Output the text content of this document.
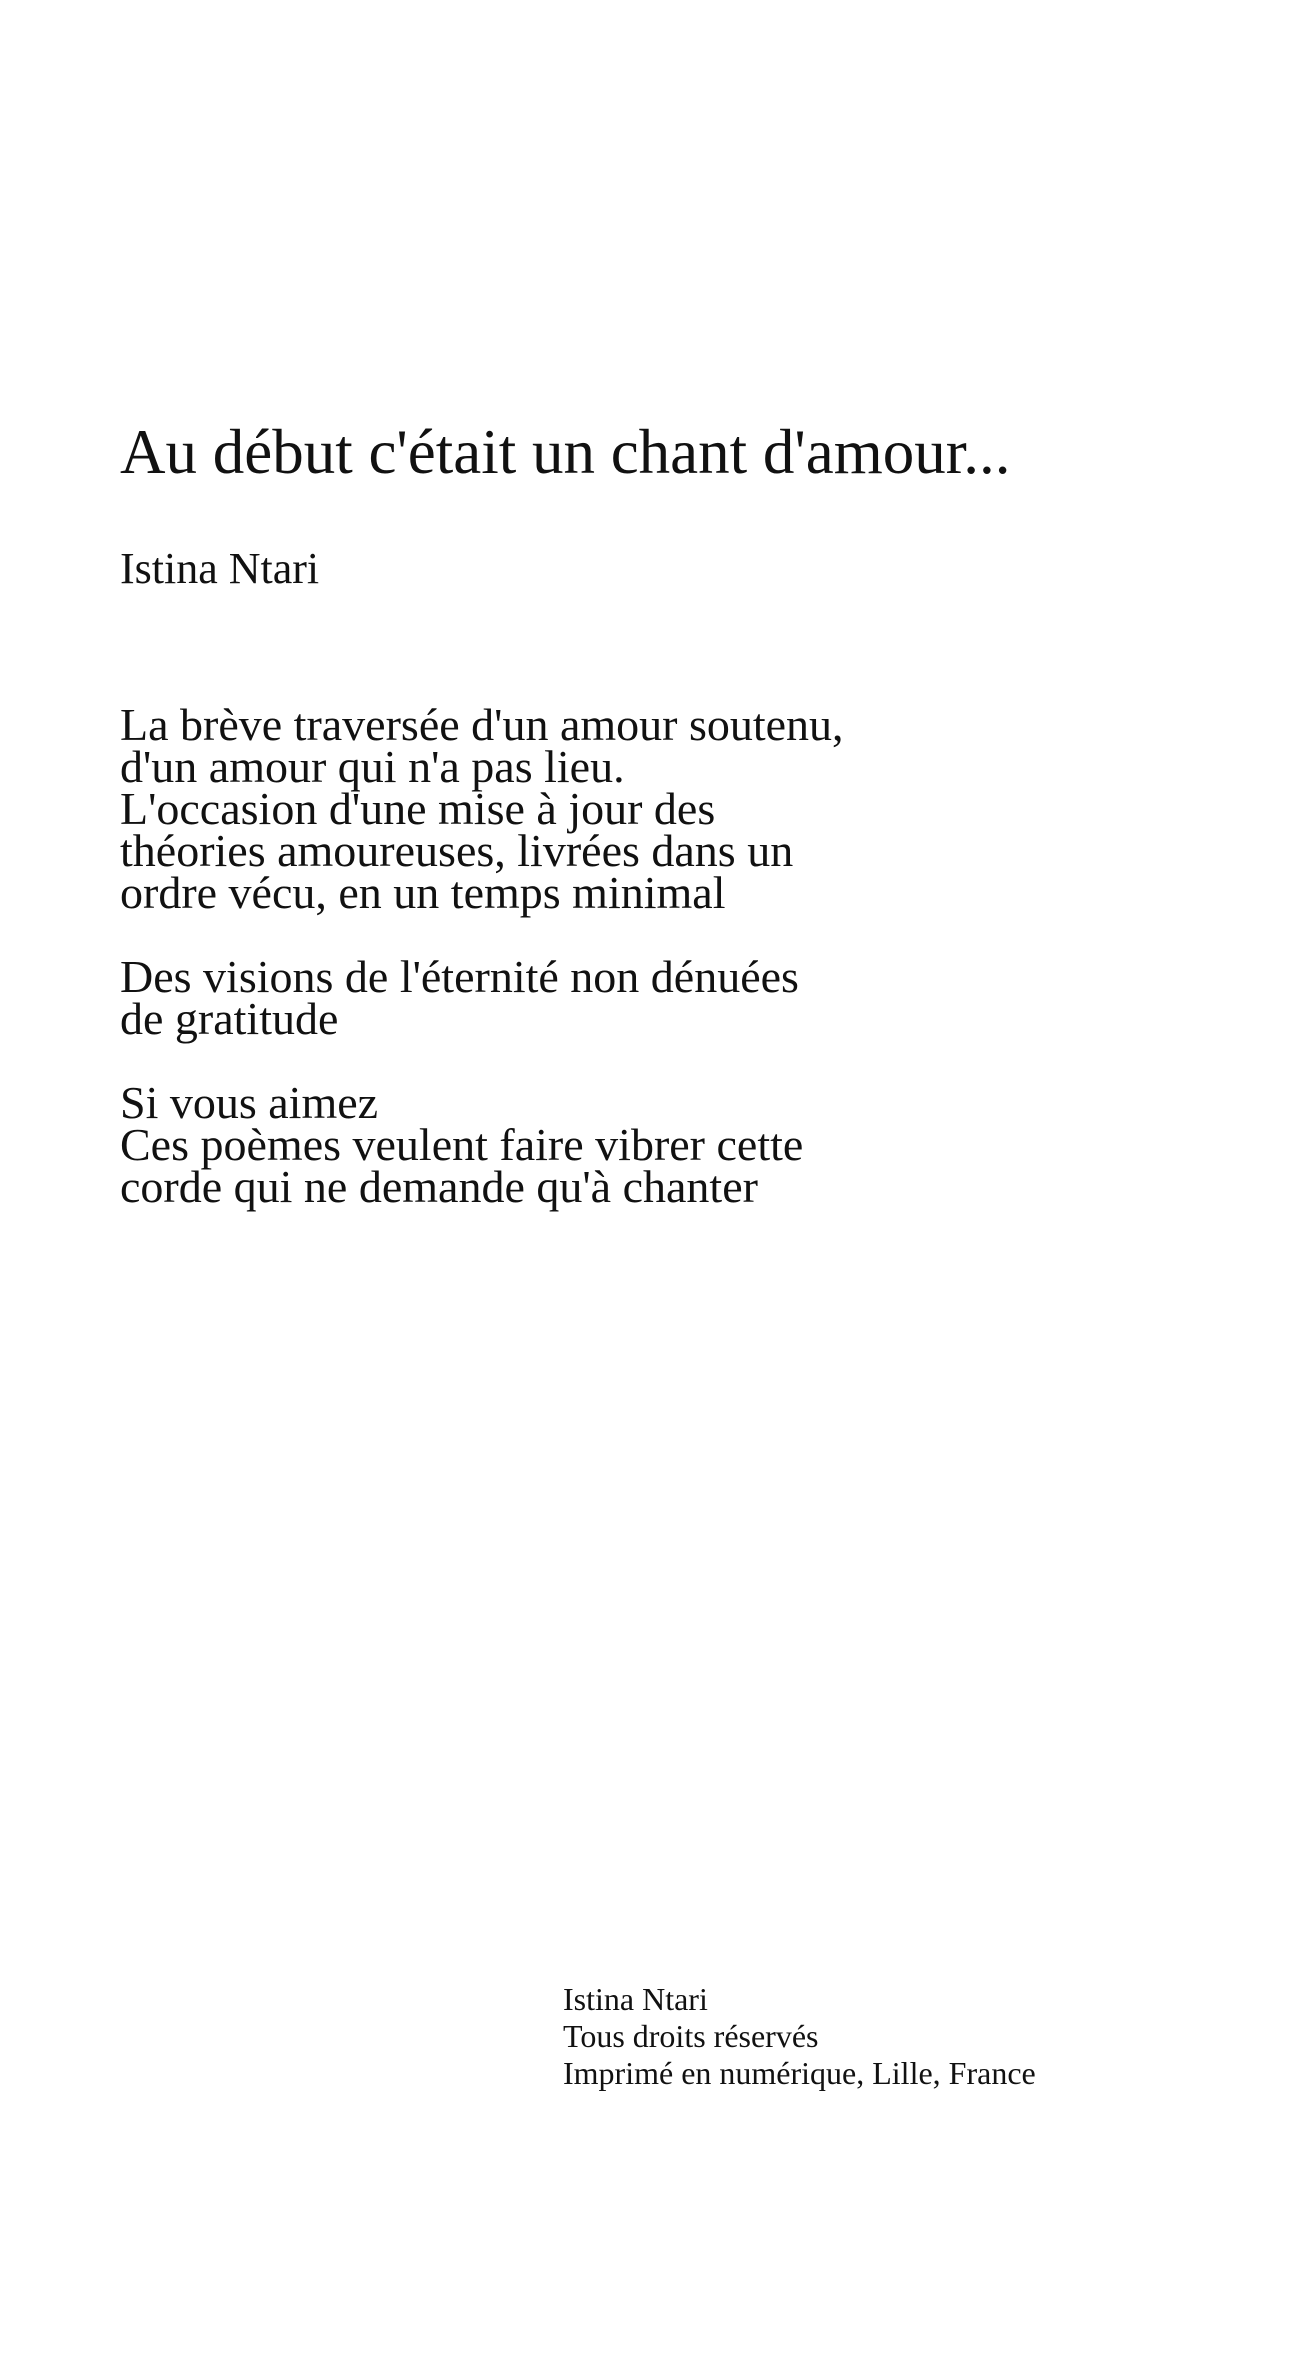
Au début c'était un chant d'amour...
Istina Ntari

La brève traversée d'un amour soutenu,
d'un amour qui n'a pas lieu.
L'occasion d'une mise à jour des
théories amoureuses, livrées dans un
ordre vécu, en un temps minimal

Des visions de l'éternité non dénuées
de gratitude

Si vous aimez
Ces poèmes veulent faire vibrer cette
corde qui ne demande qu'à chanter

Istina Ntari
Tous droits réservés
Imprimé en numérique, Lille, France
